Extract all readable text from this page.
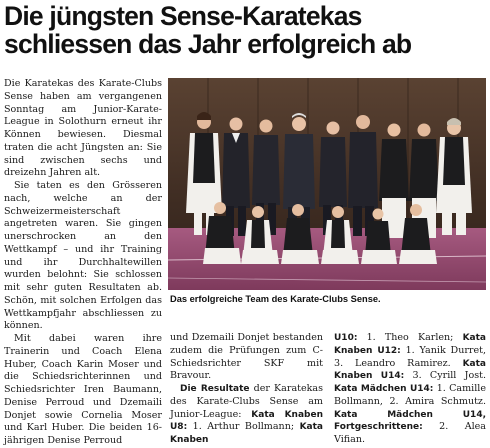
Die jüngsten Sense-Karatekas
schliessen das Jahr erfolgreich ab

Die Karatekas des Karate-Clubs Sense haben am vergangenen Sonntag am Junior-Karate-League in Solothurn erneut ihr Können bewiesen. Diesmal traten die acht Jüngsten an: Sie sind zwischen sechs und dreizehn Jahren alt.

Sie taten es den Grösseren nach, welche an der Schweizermeisterschaft angetreten waren. Sie gingen unerschrocken an den Wettkampf – und ihr Training und ihr Durchhaltewillen wurden belohnt: Sie schlossen mit sehr guten Resultaten ab. Schön, mit solchen Erfolgen das Wettkampfjahr abschliessen zu können.

Mit dabei waren ihre Trainerin und Coach Elena Huber, Coach Karin Moser und die Schiedsrichterinnen und Schiedsrichter Iren Baumann, Denise Perroud und Dzemaili Donjet sowie Cornelia Moser und Karl Huber. Die beiden 16-jährigen Denise Perroud

Das erfolgreiche Team des Karate-Clubs Sense.

und Dzemaili Donjet bestanden zudem die Prüfungen zum C-Schiedsrichter SKF mit Bravour.

Die Resultate der Karatekas des Karate-Clubs Sense am Junior-League: Kata Knaben U8: 1. Arthur Bollmann; Kata Knaben

U10: 1. Theo Karlen; Kata Knaben U12: 1. Yanik Durret, 3. Leandro Ramirez. Kata Knaben U14: 3. Cyrill Jost. Kata Mädchen U14: 1. Camille Bollmann, 2. Amira Schmutz. Kata Mädchen U14, Fortgeschrittene: 2. Alea Vifian.
